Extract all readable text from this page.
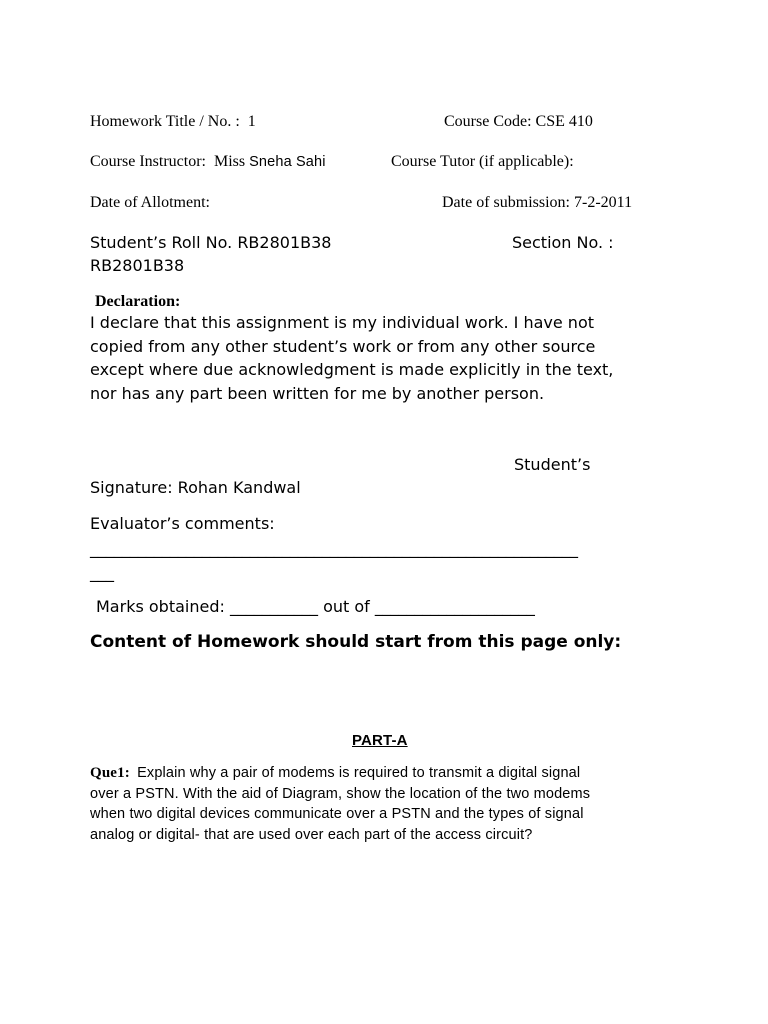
Homework Title / No. : 1	Course Code: CSE 410
Course Instructor: Miss Sneha Sahi	Course Tutor (if applicable):
Date of Allotment:	Date of submission: 7-2-2011
Student’s Roll No. RB2801B38	Section No. :
RB2801B38
Declaration:
I declare that this assignment is my individual work. I have not
copied from any other student’s work or from any other source
except where due acknowledgment is made explicitly in the text,
nor has any part been written for me by another person.
Student’s
Signature: Rohan Kandwal
Evaluator’s comments:
_____________________________________________________________
___
Marks obtained: ___________ out of ____________________
Content of Homework should start from this page only:
PART-A
Que1: Explain why a pair of modems is required to transmit a digital signal
over a PSTN. With the aid of Diagram, show the location of the two modems
when two digital devices communicate over a PSTN and the types of signal
analog or digital- that are used over each part of the access circuit?
